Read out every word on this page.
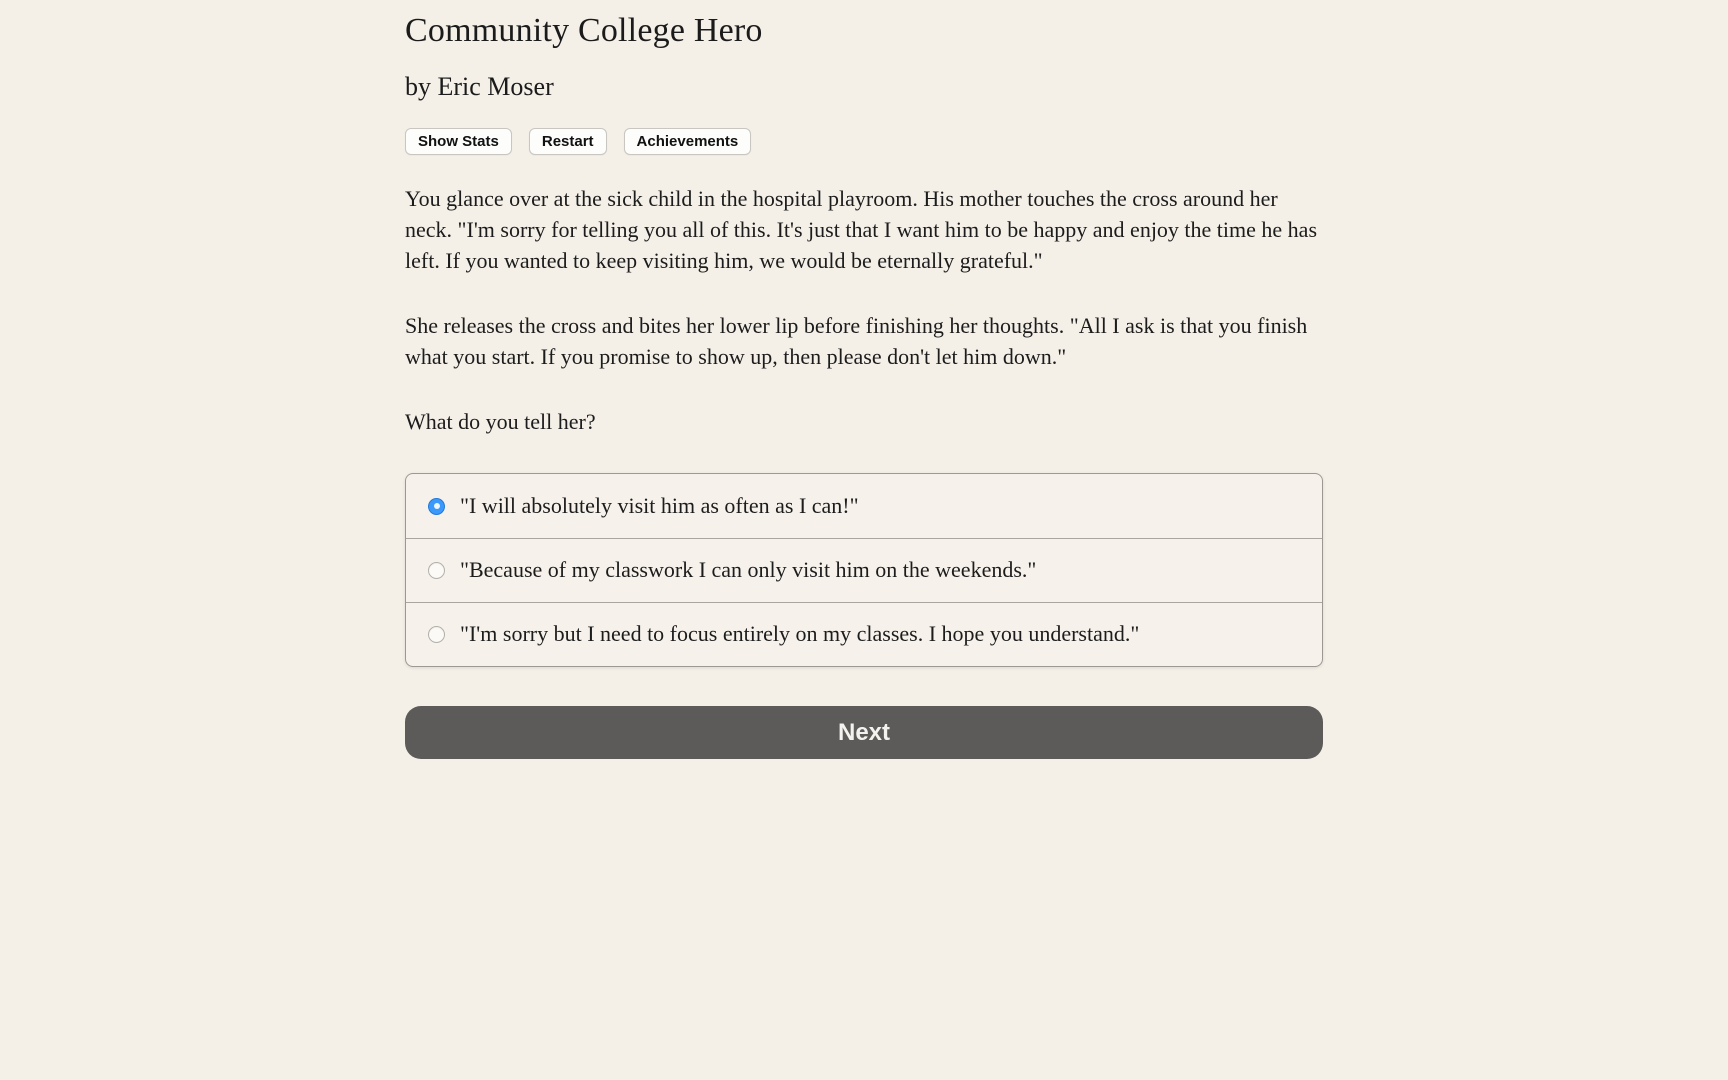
Community College Hero
by Eric Moser
Show Stats	Restart	Achievements

You glance over at the sick child in the hospital playroom. His mother touches the cross around her neck. "I'm sorry for telling you all of this. It's just that I want him to be happy and enjoy the time he has left. If you wanted to keep visiting him, we would be eternally grateful."

She releases the cross and bites her lower lip before finishing her thoughts. "All I ask is that you finish what you start. If you promise to show up, then please don't let him down."

What do you tell her?

"I will absolutely visit him as often as I can!"
"Because of my classwork I can only visit him on the weekends."
"I'm sorry but I need to focus entirely on my classes. I hope you understand."
Next
